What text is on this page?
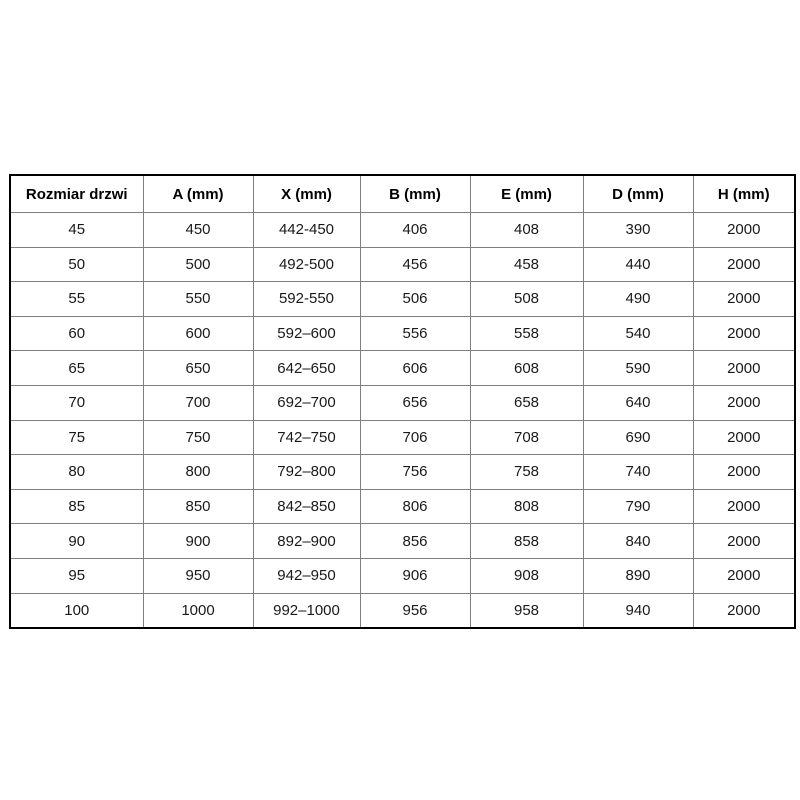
Rozmiar drzwi	A (mm)	X (mm)	B (mm)	E (mm)	D (mm)	H (mm)
45	450	442-450	406	408	390	2000
50	500	492-500	456	458	440	2000
55	550	592-550	506	508	490	2000
60	600	592–600	556	558	540	2000
65	650	642–650	606	608	590	2000
70	700	692–700	656	658	640	2000
75	750	742–750	706	708	690	2000
80	800	792–800	756	758	740	2000
85	850	842–850	806	808	790	2000
90	900	892–900	856	858	840	2000
95	950	942–950	906	908	890	2000
100	1000	992–1000	956	958	940	2000
